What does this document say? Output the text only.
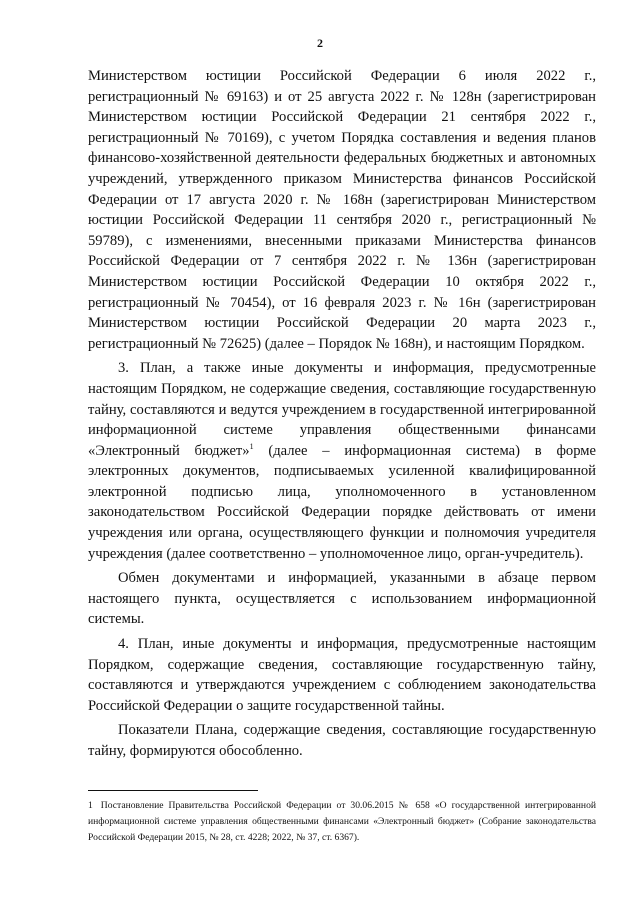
2

Министерством юстиции Российской Федерации 6 июля 2022 г., регистрационный № 69163) и от 25 августа 2022 г. № 128н (зарегистрирован Министерством юстиции Российской Федерации 21 сентября 2022 г., регистрационный № 70169), с учетом Порядка составления и ведения планов финансово-хозяйственной деятельности федеральных бюджетных и автономных учреждений, утвержденного приказом Министерства финансов Российской Федерации от 17 августа 2020 г. № 168н (зарегистрирован Министерством юстиции Российской Федерации 11 сентября 2020 г., регистрационный № 59789), с изменениями, внесенными приказами Министерства финансов Российской Федерации от 7 сентября 2022 г. № 136н (зарегистрирован Министерством юстиции Российской Федерации 10 октября 2022 г., регистрационный № 70454), от 16 февраля 2023 г. № 16н (зарегистрирован Министерством юстиции Российской Федерации 20 марта 2023 г., регистрационный № 72625) (далее – Порядок № 168н), и настоящим Порядком.

3. План, а также иные документы и информация, предусмотренные настоящим Порядком, не содержащие сведения, составляющие государственную тайну, составляются и ведутся учреждением в государственной интегрированной информационной системе управления общественными финансами «Электронный бюджет»$^1$ (далее – информационная система) в форме электронных документов, подписываемых усиленной квалифицированной электронной подписью лица, уполномоченного в установленном законодательством Российской Федерации порядке действовать от имени учреждения или органа, осуществляющего функции и полномочия учредителя учреждения (далее соответственно – уполномоченное лицо, орган-учредитель).

Обмен документами и информацией, указанными в абзаце первом настоящего пункта, осуществляется с использованием информационной системы.

4. План, иные документы и информация, предусмотренные настоящим Порядком, содержащие сведения, составляющие государственную тайну, составляются и утверждаются учреждением с соблюдением законодательства Российской Федерации о защите государственной тайны.

Показатели Плана, содержащие сведения, составляющие государственную тайну, формируются обособленно.

1 Постановление Правительства Российской Федерации от 30.06.2015 № 658 «О государственной интегрированной информационной системе управления общественными финансами «Электронный бюджет» (Собрание законодательства Российской Федерации 2015, № 28, ст. 4228; 2022, № 37, ст. 6367).
